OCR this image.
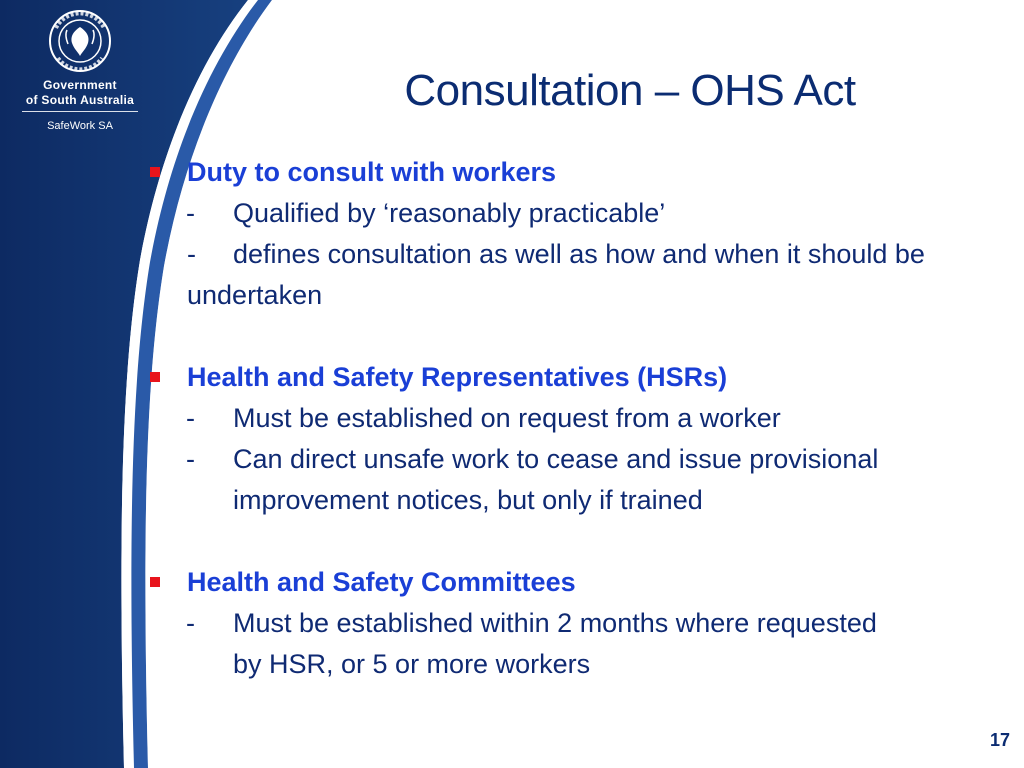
Government
of South Australia
SafeWork SA
Consultation – OHS Act
Duty to consult with workers
-	Qualified by ‘reasonably practicable’
- defines consultation as well as how and when it should be undertaken
Health and Safety Representatives (HSRs)
-	Must be established on request from a worker
-	Can direct unsafe work to cease and issue provisional improvement notices, but only if trained
Health and Safety Committees
-	Must be established within 2 months where requested by HSR, or 5 or more workers
17
